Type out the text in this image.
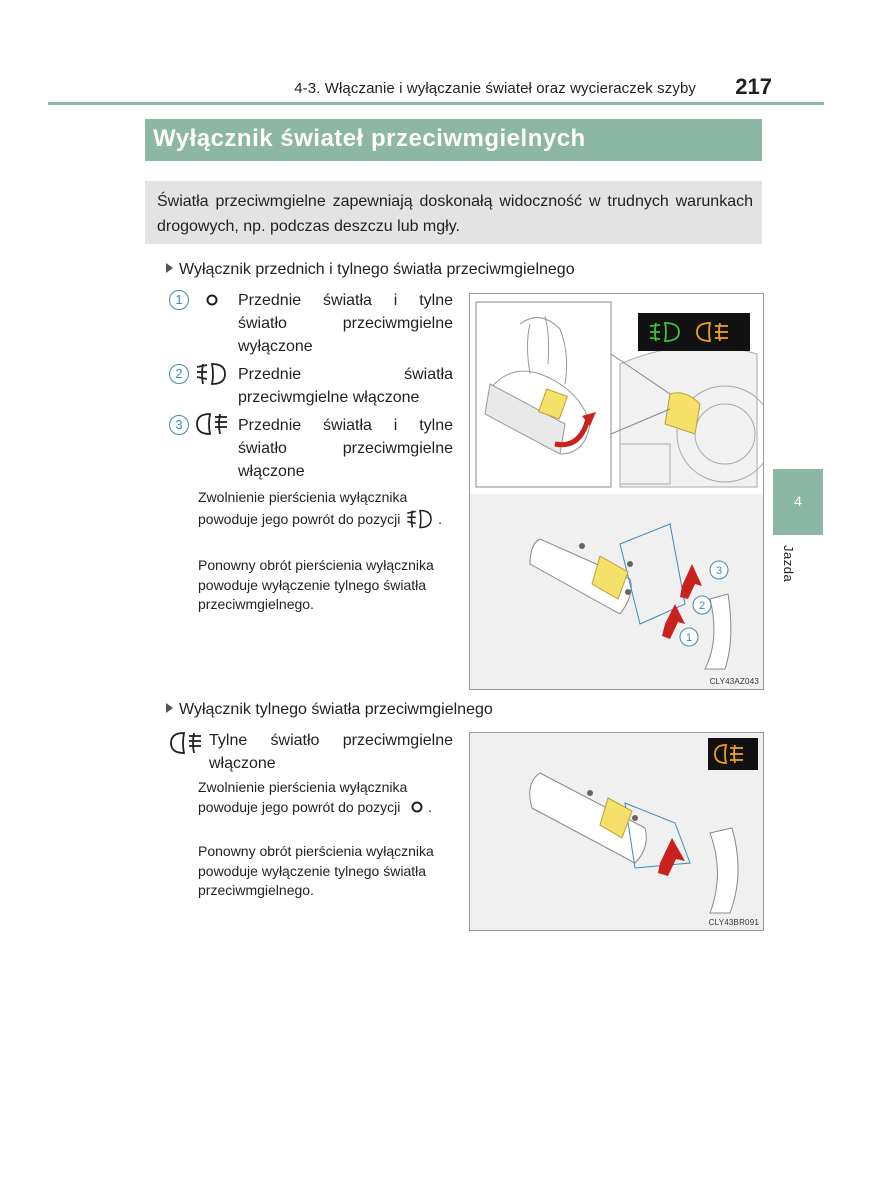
4-3. Włączanie i wyłączanie świateł oraz wycieraczek szyby 217
Wyłącznik świateł przeciwmgielnych
Światła przeciwmgielne zapewniają doskonałą widoczność w trudnych warunkach drogowych, np. podczas deszczu lub mgły.
Wyłącznik przednich i tylnego światła przeciwmgielnego
1	Przednie światła i tylne światło przeciwmgielne wyłączone
2	Przednie światła przeciwmgielne włączone
3	Przednie światła i tylne światło przeciwmgielne włączone
Zwolnienie pierścienia wyłącznika powoduje jego powrót do pozycji  .
Ponowny obrót pierścienia wyłącznika powoduje wyłączenie tylnego światła przeciwmgielnego.
1
2
3
CLY43AZ043
Wyłącznik tylnego światła przeciwmgielnego
Tylne światło przeciwmgielne włączone
Zwolnienie pierścienia wyłącznika powoduje jego powrót do pozycji  .
Ponowny obrót pierścienia wyłącznika powoduje wyłączenie tylnego światła przeciwmgielnego.
CLY43BR091
4
Jazda
